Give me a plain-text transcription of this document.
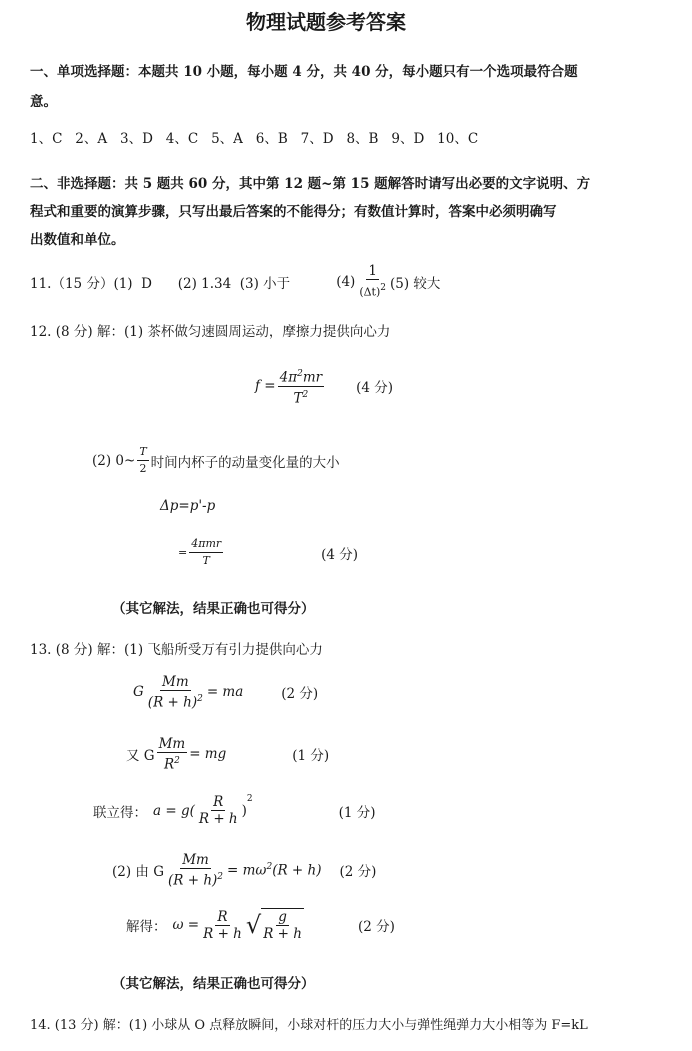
物理试题参考答案
一、单项选择题：本题共 10 小题，每小题 4 分，共 40 分，每小题只有一个选项最符合题
意。
1、C   2、A   3、D   4、C   5、A   6、B   7、D   8、B   9、D   10、C
二、非选择题：共 5 题共 60 分，其中第 12 题~第 15 题解答时请写出必要的文字说明、方
程式和重要的演算步骤，只写出最后答案的不能得分；有数值计算时，答案中必须明确写
出数值和单位。
11.（15 分）(1)  D      (2) 1.34  (3) 小于	$(4) \frac{1}{(\Delta t)^2} (5)$ 较大
12. (8 分) 解：(1) 茶杯做匀速圆周运动，摩擦力提供向心力
$f = \frac{4\pi^2mr}{T^2} (4$ 分)
(2) 0~ $\frac{T}{2}$ 时间内杯子的动量变化量的大小
Δp=p'-p
= $\frac{\text{4πmr}}{T}$	(4 分)
（其它解法，结果正确也可得分）
13. (8 分) 解：(1) 飞船所受万有引力提供向心力
G $\frac{Mm}{(R + h)^2}$ = ma	(2 分)
又 G $\frac{Mm}{R^2}$ = mg	(1 分)
联立得： $a = g( \frac{R}{R + h}$ )
$^2$
(1 分)
(2) 由 G $\frac{Mm}{(R + h)^2} = m\omega^2(R + h)$ (2 分)
解得： $\omega = \frac{R}{R + h}$ √ $\frac{g}{R + h}$	(2 分)
（其它解法，结果正确也可得分）
14. (13 分) 解：(1) 小球从 O 点释放瞬间，小球对杆的压力大小与弹性绳弹力大小相等为 F=kL
